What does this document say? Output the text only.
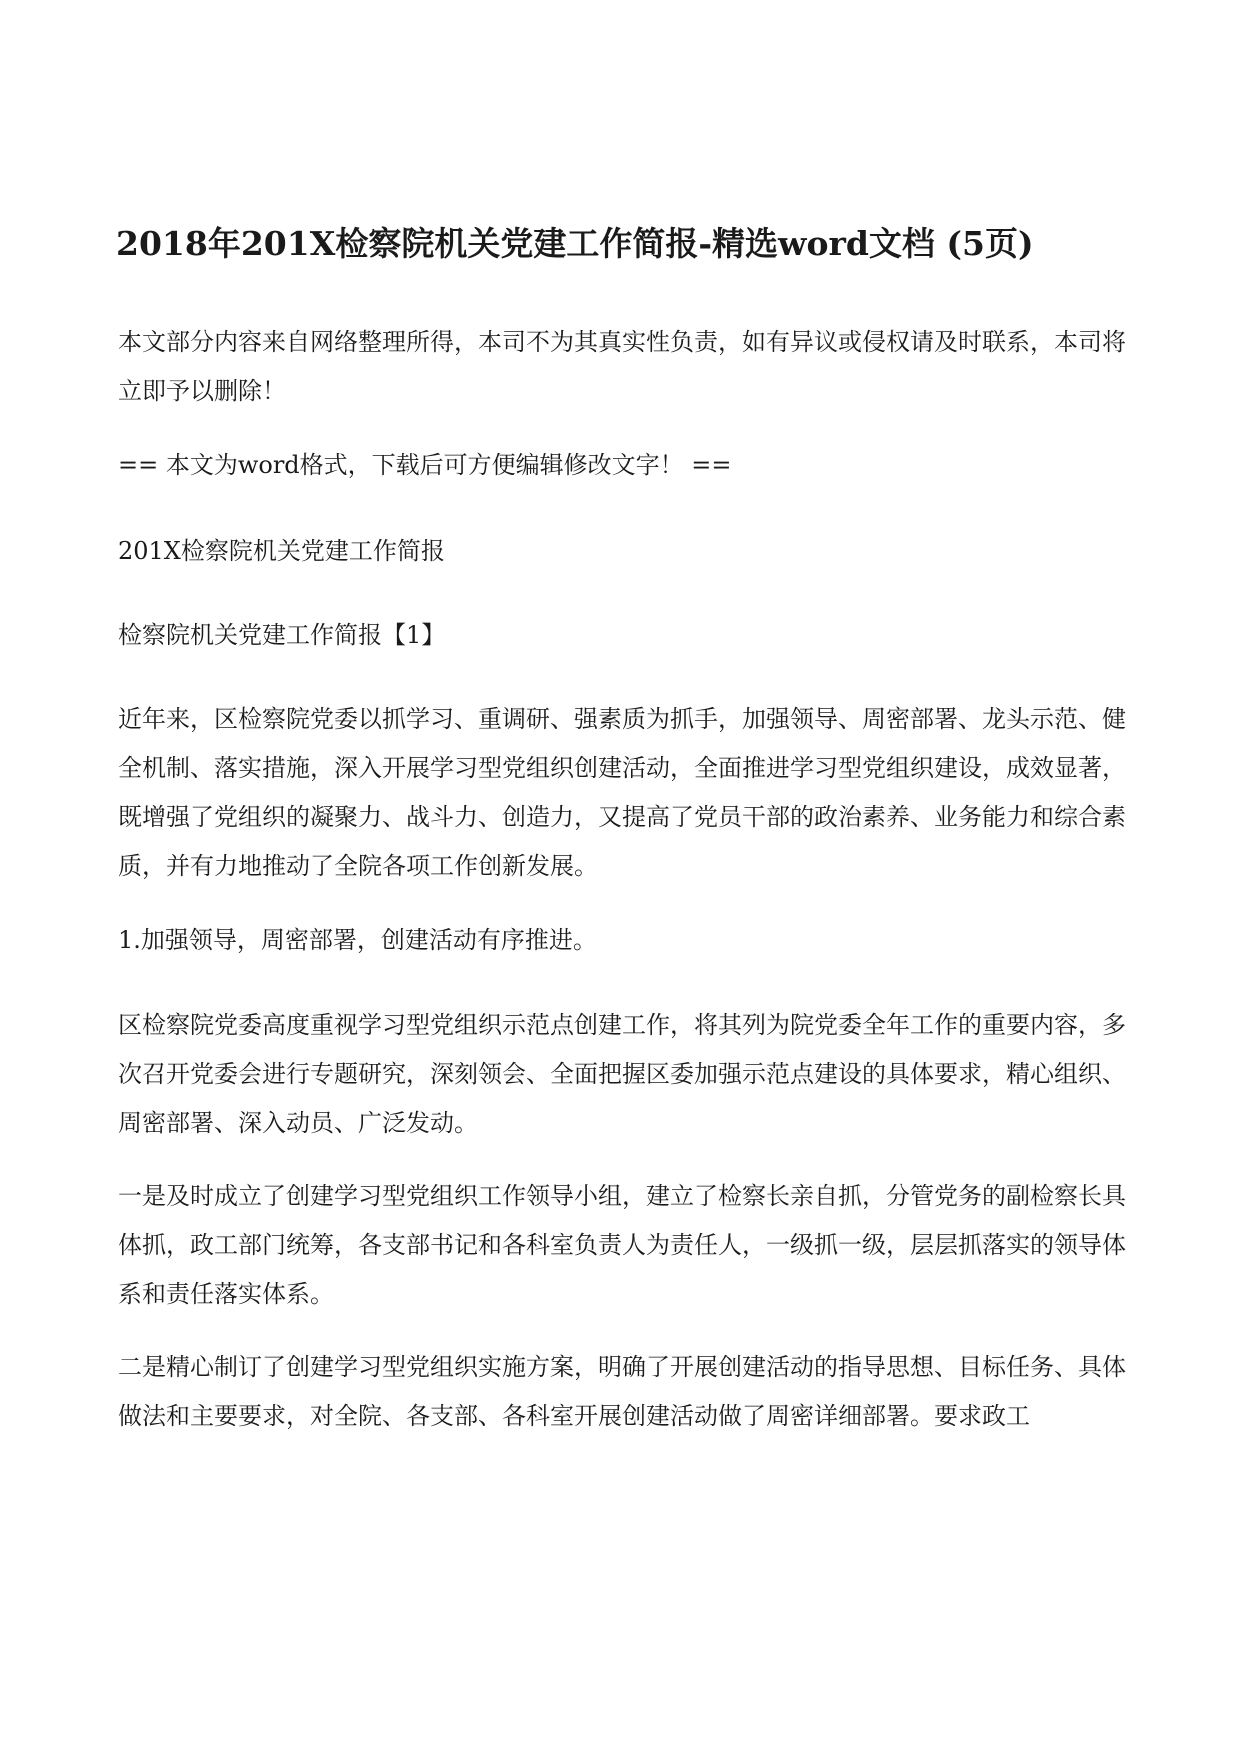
2018年201X检察院机关党建工作简报-精选word文档 (5页)

本文部分内容来自网络整理所得，本司不为其真实性负责，如有异议或侵权请及时联系，本司将立即予以删除！

== 本文为word格式，下载后可方便编辑修改文字！ ==

201X检察院机关党建工作简报

检察院机关党建工作简报【1】

近年来，区检察院党委以抓学习、重调研、强素质为抓手，加强领导、周密部署、龙头示范、健全机制、落实措施，深入开展学习型党组织创建活动，全面推进学习型党组织建设，成效显著，既增强了党组织的凝聚力、战斗力、创造力，又提高了党员干部的政治素养、业务能力和综合素质，并有力地推动了全院各项工作创新发展。

1.加强领导，周密部署，创建活动有序推进。

区检察院党委高度重视学习型党组织示范点创建工作，将其列为院党委全年工作的重要内容，多次召开党委会进行专题研究，深刻领会、全面把握区委加强示范点建设的具体要求，精心组织、周密部署、深入动员、广泛发动。

一是及时成立了创建学习型党组织工作领导小组，建立了检察长亲自抓，分管党务的副检察长具体抓，政工部门统筹，各支部书记和各科室负责人为责任人，一级抓一级，层层抓落实的领导体系和责任落实体系。

二是精心制订了创建学习型党组织实施方案，明确了开展创建活动的指导思想、目标任务、具体做法和主要要求，对全院、各支部、各科室开展创建活动做了周密详细部署。要求政工
